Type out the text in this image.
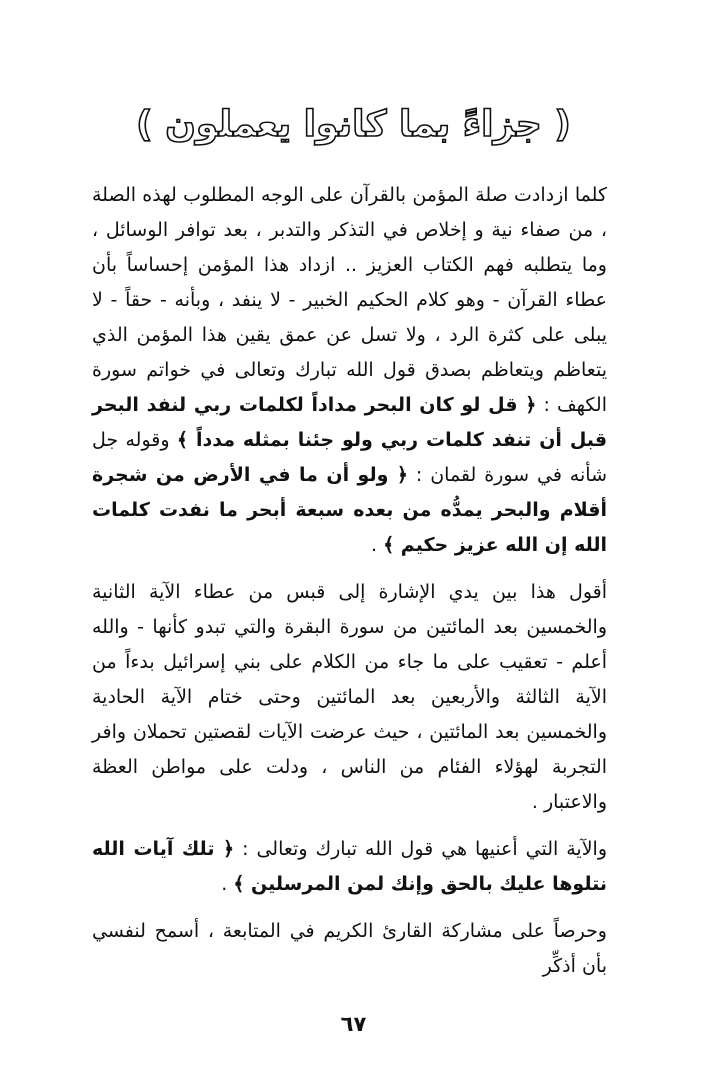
( جزاءً بما كانوا يعملون )

كلما ازدادت صلة المؤمن بالقرآن على الوجه المطلوب لهذه الصلة ، من صفاء نية و إخلاص في التذكر والتدبر ، بعد توافر الوسائل ، وما يتطلبه فهم الكتاب العزيز .. ازداد هذا المؤمن إحساساً بأن عطاء القرآن - وهو كلام الحكيم الخبير - لا ينفد ، وبأنه - حقاً - لا يبلى على كثرة الرد ، ولا تسل عن عمق يقين هذا المؤمن الذي يتعاظم ويتعاظم بصدق قول الله تبارك وتعالى في خواتم سورة الكهف : ﴿ قل لو كان البحر مداداً لكلمات ربي لنفد البحر قبل أن تنفد كلمات ربي ولو جئنا بمثله مدداً ﴾ وقوله جل شأنه في سورة لقمان : ﴿ ولو أن ما في الأرض من شجرة أقلام والبحر يمدُّه من بعده سبعة أبحر ما نفدت كلمات الله إن الله عزيز حكيم ﴾ .

أقول هذا بين يدي الإشارة إلى قبس من عطاء الآية الثانية والخمسين بعد المائتين من سورة البقرة والتي تبدو كأنها - والله أعلم - تعقيب على ما جاء من الكلام على بني إسرائيل بدءاً من الآية الثالثة والأربعين بعد المائتين وحتى ختام الآية الحادية والخمسين بعد المائتين ، حيث عرضت الآيات لقصتين تحملان وافر التجربة لهؤلاء الفئام من الناس ، ودلت على مواطن العظة والاعتبار .

والآية التي أعنيها هي قول الله تبارك وتعالى : ﴿ تلك آيات الله نتلوها عليك بالحق وإنك لمن المرسلين ﴾ .

وحرصاً على مشاركة القارئ الكريم في المتابعة ، أسمح لنفسي بأن أذكِّر

٦٧
